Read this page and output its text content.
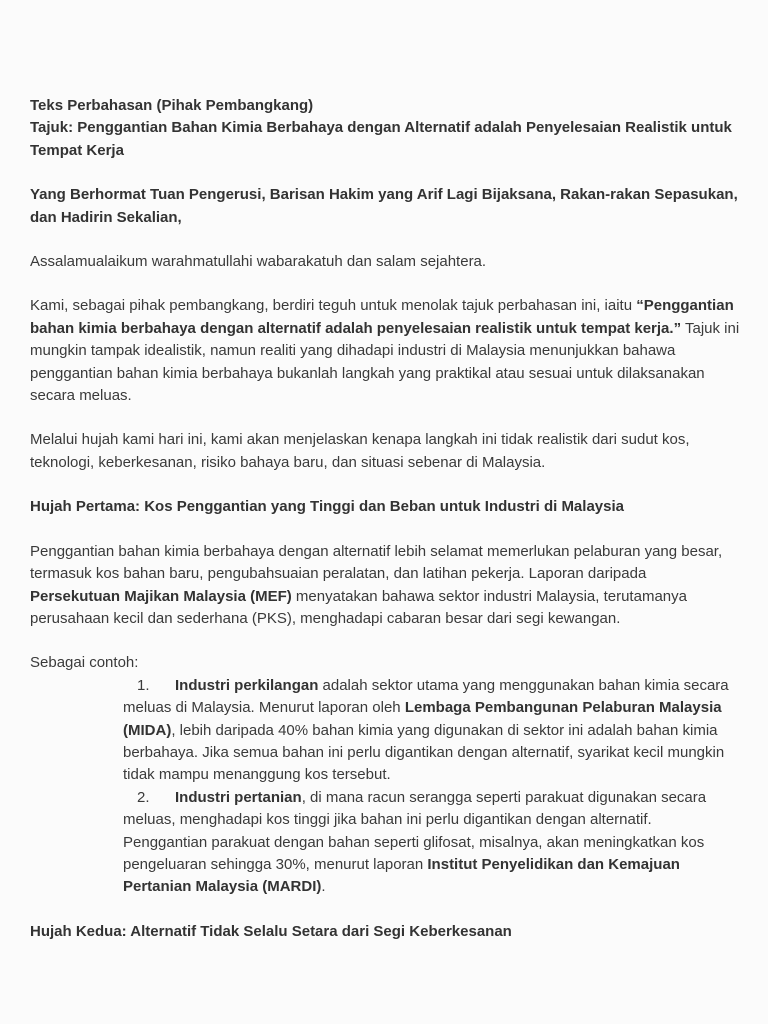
Teks Perbahasan (Pihak Pembangkang)

Tajuk: Penggantian Bahan Kimia Berbahaya dengan Alternatif adalah Penyelesaian Realistik untuk Tempat Kerja

Yang Berhormat Tuan Pengerusi, Barisan Hakim yang Arif Lagi Bijaksana, Rakan-rakan Sepasukan, dan Hadirin Sekalian,

Assalamualaikum warahmatullahi wabarakatuh dan salam sejahtera.

Kami, sebagai pihak pembangkang, berdiri teguh untuk menolak tajuk perbahasan ini, iaitu “Penggantian bahan kimia berbahaya dengan alternatif adalah penyelesaian realistik untuk tempat kerja.” Tajuk ini mungkin tampak idealistik, namun realiti yang dihadapi industri di Malaysia menunjukkan bahawa penggantian bahan kimia berbahaya bukanlah langkah yang praktikal atau sesuai untuk dilaksanakan secara meluas.

Melalui hujah kami hari ini, kami akan menjelaskan kenapa langkah ini tidak realistik dari sudut kos, teknologi, keberkesanan, risiko bahaya baru, dan situasi sebenar di Malaysia.

Hujah Pertama: Kos Penggantian yang Tinggi dan Beban untuk Industri di Malaysia

Penggantian bahan kimia berbahaya dengan alternatif lebih selamat memerlukan pelaburan yang besar, termasuk kos bahan baru, pengubahsuaian peralatan, dan latihan pekerja. Laporan daripada Persekutuan Majikan Malaysia (MEF) menyatakan bahawa sektor industri Malaysia, terutamanya perusahaan kecil dan sederhana (PKS), menghadapi cabaran besar dari segi kewangan.

Sebagai contoh:

1. Industri perkilangan adalah sektor utama yang menggunakan bahan kimia secara meluas di Malaysia. Menurut laporan oleh Lembaga Pembangunan Pelaburan Malaysia (MIDA), lebih daripada 40% bahan kimia yang digunakan di sektor ini adalah bahan kimia berbahaya. Jika semua bahan ini perlu digantikan dengan alternatif, syarikat kecil mungkin tidak mampu menanggung kos tersebut.

2. Industri pertanian, di mana racun serangga seperti parakuat digunakan secara meluas, menghadapi kos tinggi jika bahan ini perlu digantikan dengan alternatif. Penggantian parakuat dengan bahan seperti glifosat, misalnya, akan meningkatkan kos pengeluaran sehingga 30%, menurut laporan Institut Penyelidikan dan Kemajuan Pertanian Malaysia (MARDI).

Hujah Kedua: Alternatif Tidak Selalu Setara dari Segi Keberkesanan
